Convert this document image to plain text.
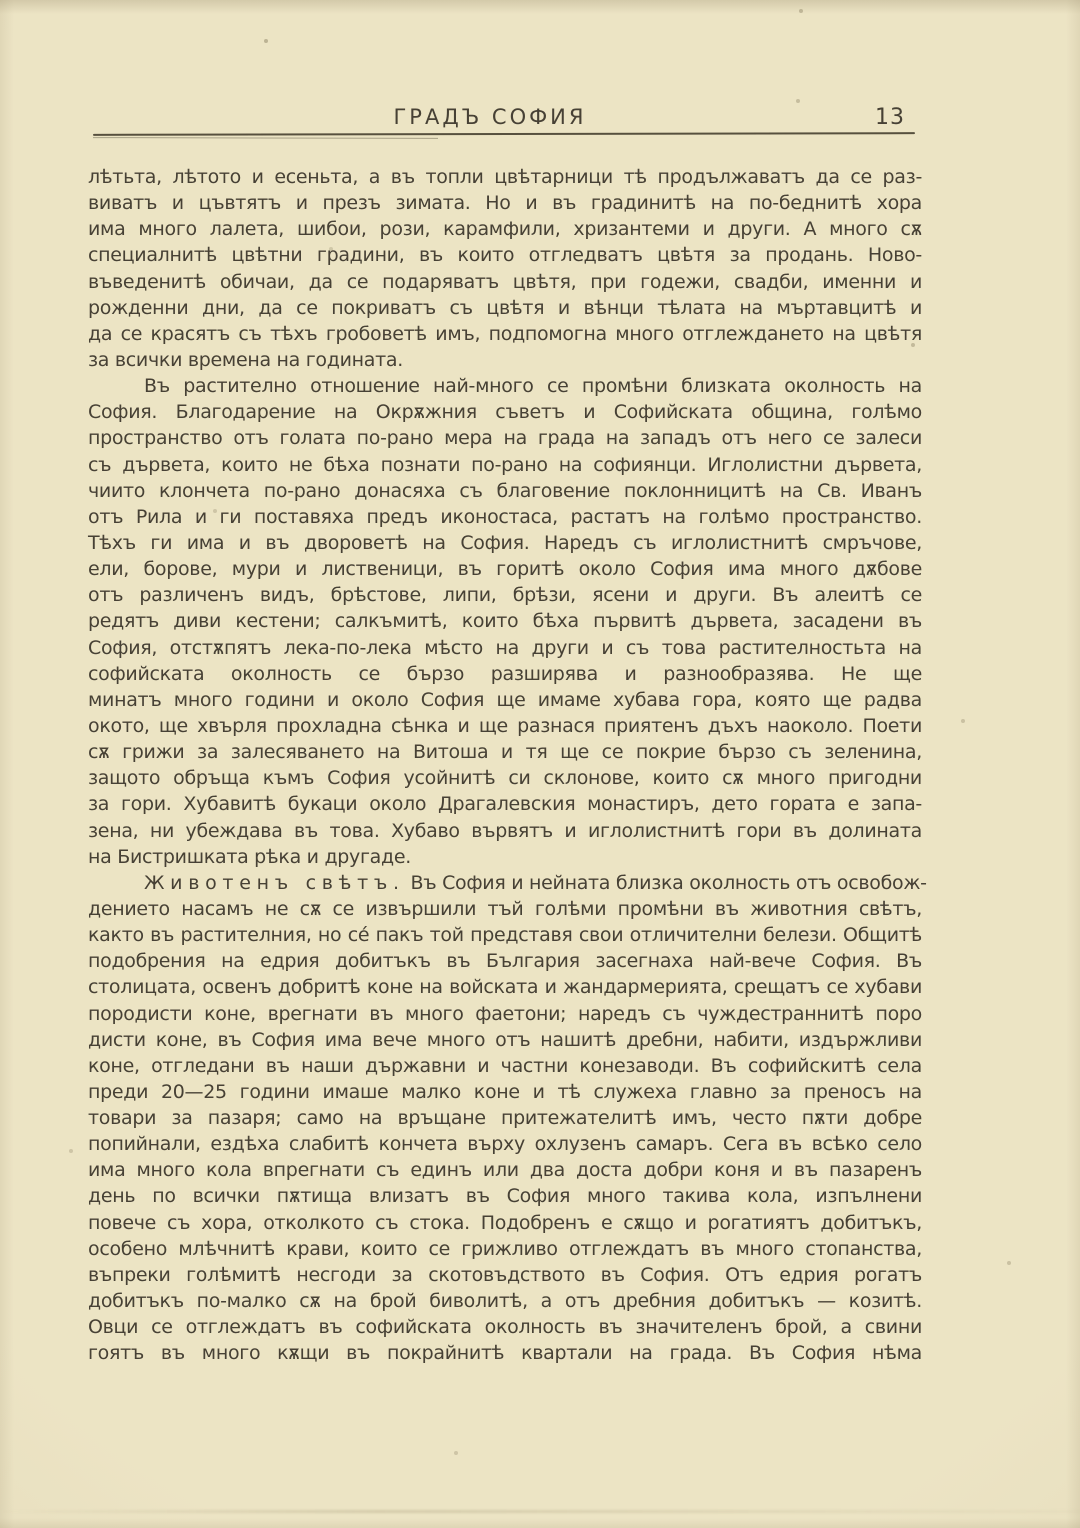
ГРАДЪ СОФИЯ	13
лѣтьта, лѣтото и есеньта, а въ топли цвѣтарници тѣ продължаватъ да се раз-
виватъ и цъвтятъ и презъ зимата. Но и въ градинитѣ на по-беднитѣ хора
има много лалета, шибои, рози, карамфили, хризантеми и други. А много сѫ
специалнитѣ цвѣтни градини, въ които отгледватъ цвѣтя за продань. Ново-
въведенитѣ обичаи, да се подаряватъ цвѣтя, при годежи, свадби, именни и
рожденни дни, да се покриватъ съ цвѣтя и вѣнци тѣлата на мъртавцитѣ и
да се красятъ съ тѣхъ гробоветѣ имъ, подпомогна много отглеждането на цвѣтя
за всички времена на годината.
Въ растително отношение най-много се промѣни близката околность на
София. Благодарение на Окрѫжния съветъ и Софийската община, голѣмо
пространство отъ голата по-рано мера на града на западъ отъ него се залеси
съ дървета, които не бѣха познати по-рано на софиянци. Иглолистни дървета,
чиито клончета по-рано донасяха съ благовение поклонницитѣ на Св. Иванъ
отъ Рила и ги поставяха предъ иконостаса, растатъ на голѣмо пространство.
Тѣхъ ги има и въ двороветѣ на София. Наредъ съ иглолистнитѣ смръчове,
ели, борове, мури и лиственици, въ горитѣ около София има много дѫбове
отъ различенъ видъ, брѣстове, липи, брѣзи, ясени и други. Въ алеитѣ се
редятъ диви кестени; салкъмитѣ, които бѣха първитѣ дървета, засадени въ
София, отстѫпятъ лека-по-лека мѣсто на други и съ това растителностьта на
софийската околность се бързо разширява и разнообразява. Не ще
минатъ много години и около София ще имаме хубава гора, която ще радва
окото, ще хвърля прохладна сѣнка и ще разнася приятенъ дъхъ наоколо. Поети
сѫ грижи за залесяването на Витоша и тя ще се покрие бързо съ зеленина,
защото обръща къмъ София усойнитѣ си склонове, които сѫ много пригодни
за гори. Хубавитѣ букаци около Драгалевския монастиръ, дето гората е запа-
зена, ни убеждава въ това. Хубаво вървятъ и иглолистнитѣ гори въ долината
на Бистришката рѣка и другаде.
Животенъ свѣтъ. Въ София и нейната близка околность отъ освобож-
дението насамъ не сѫ се извършили тъй голѣми промѣни въ животния свѣтъ,
както въ растителния, но сé пакъ той представя свои отличителни белези. Общитѣ
подобрения на едрия добитъкъ въ България засегнаха най-вече София. Въ
столицата, освенъ добритѣ коне на войската и жандармерията, срещатъ се хубави
породисти коне, врегнати въ много фаетони; наредъ съ чуждестраннитѣ поро
дисти коне, въ София има вече много отъ нашитѣ дребни, набити, издържливи
коне, отгледани въ наши държавни и частни конезаводи. Въ софийскитѣ села
преди 20—25 години имаше малко коне и тѣ служеха главно за преносъ на
товари за пазаря; само на връщане притежателитѣ имъ, често пѫти добре
попийнали, ездѣха слабитѣ кончета върху охлузенъ самаръ. Сега въ всѣко село
има много кола впрегнати съ единъ или два доста добри коня и въ пазаренъ
день по всички пѫтища влизатъ въ София много такива кола, изпълнени
повече съ хора, отколкото съ стока. Подобренъ е сѫщо и рогатиятъ добитъкъ,
особено млѣчнитѣ крави, които се грижливо отглеждатъ въ много стопанства,
въпреки голѣмитѣ несгоди за скотовъдството въ София. Отъ едрия рогатъ
добитъкъ по-малко сѫ на брой биволитѣ, а отъ дребния добитъкъ — козитѣ.
Овци се отглеждатъ въ софийската околность въ значителенъ брой, а свини
гоятъ въ много кѫщи въ покрайнитѣ квартали на града. Въ София нѣма
